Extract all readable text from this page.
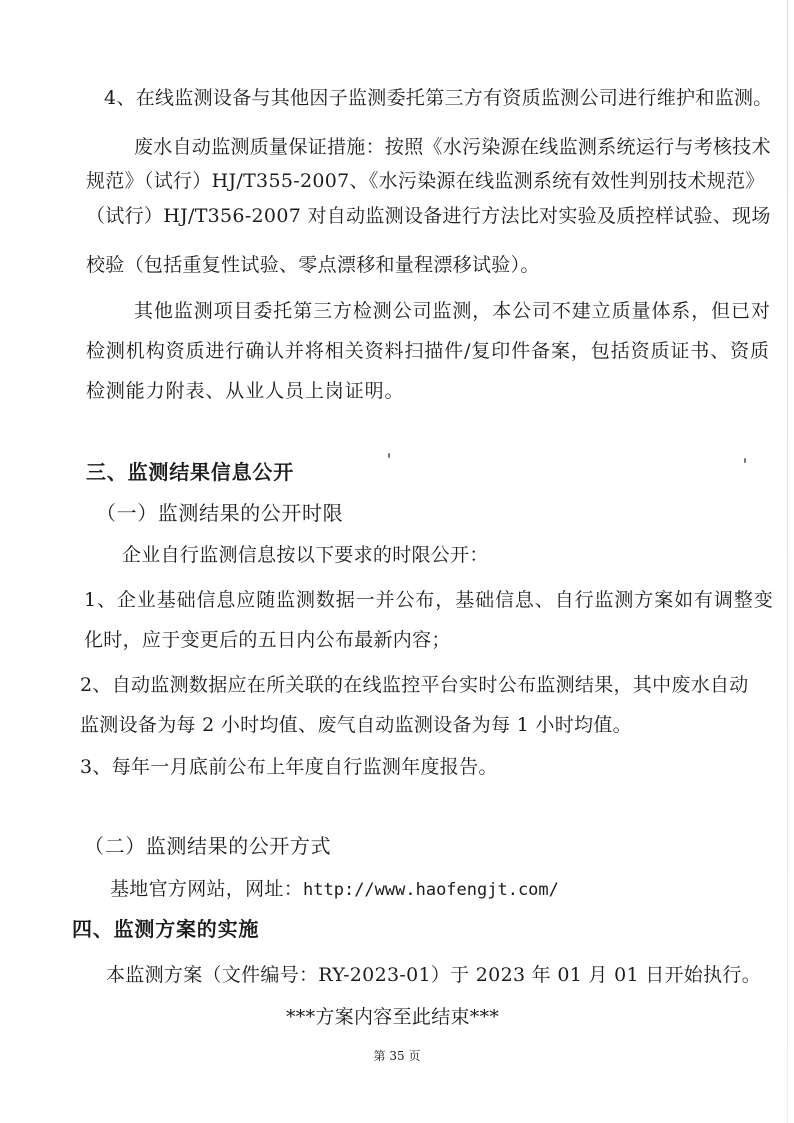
4、在线监测设备与其他因子监测委托第三方有资质监测公司进行维护和监测。
废水自动监测质量保证措施：按照《水污染源在线监测系统运行与考核技术
规范》（试行）HJ/T355-2007、《水污染源在线监测系统有效性判别技术规范》
（试行）HJ/T356-2007 对自动监测设备进行方法比对实验及质控样试验、现场
校验（包括重复性试验、零点漂移和量程漂移试验）。
其他监测项目委托第三方检测公司监测，本公司不建立质量体系，但已对
检测机构资质进行确认并将相关资料扫描件/复印件备案，包括资质证书、资质
检测能力附表、从业人员上岗证明。
三、监测结果信息公开
（一）监测结果的公开时限
企业自行监测信息按以下要求的时限公开：
1、企业基础信息应随监测数据一并公布，基础信息、自行监测方案如有调整变
化时，应于变更后的五日内公布最新内容；
2、自动监测数据应在所关联的在线监控平台实时公布监测结果，其中废水自动
监测设备为每 2 小时均值、废气自动监测设备为每 1 小时均值。
3、每年一月底前公布上年度自行监测年度报告。
（二）监测结果的公开方式
基地官方网站，网址：http://www.haofengjt.com/
四、监测方案的实施
本监测方案（文件编号：RY-2023-01）于 2023 年 01 月 01 日开始执行。
***方案内容至此结束***
第 35 页
